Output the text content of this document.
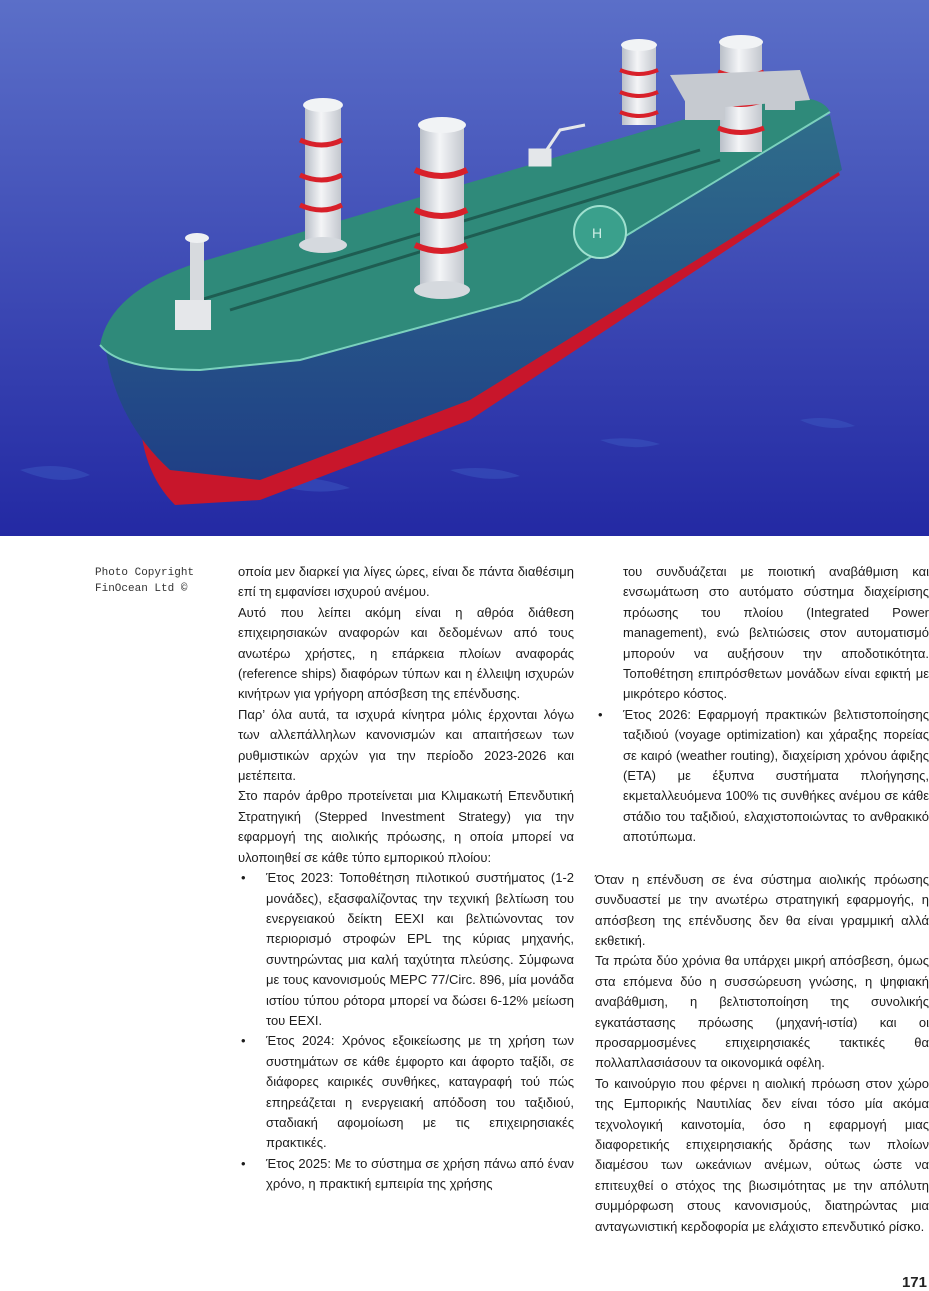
H
Photo Copyright
FinOcean Ltd ©

οποία μεν διαρκεί για λίγες ώρες, είναι δε πάντα διαθέσιμη επί τη εμφανίσει ισχυρού ανέμου.

Αυτό που λείπει ακόμη είναι η αθρόα διάθεση επιχειρησιακών αναφορών και δεδομένων από τους ανωτέρω χρήστες, η επάρκεια πλοίων αναφοράς (reference ships) διαφόρων τύπων και η έλλειψη ισχυρών κινήτρων για γρήγορη απόσβεση της επένδυσης.

Παρ’ όλα αυτά, τα ισχυρά κίνητρα μόλις έρχονται λόγω των αλλεπάλληλων κανονισμών και απαιτήσεων των ρυθμιστικών αρχών για την περίοδο 2023-2026 και μετέπειτα.

Στο παρόν άρθρο προτείνεται μια Κλιμακωτή Επενδυτική Στρατηγική (Stepped Investment Strategy) για την εφαρμογή της αιολικής πρόωσης, η οποία μπορεί να υλοποιηθεί σε κάθε τύπο εμπορικού πλοίου:

• Έτος 2023: Τοποθέτηση πιλοτικού συστήματος (1-2 μονάδες), εξασφαλίζοντας την τεχνική βελτίωση του ενεργειακού δείκτη EEXI και βελτιώνοντας τον περιορισμό στροφών EPL της κύριας μηχανής, συντηρώντας μια καλή ταχύτητα πλεύσης. Σύμφωνα με τους κανονισμούς MEPC 77/Circ. 896, μία μονάδα ιστίου τύπου ρότορα μπορεί να δώσει 6-12% μείωση του EEXI.
• Έτος 2024: Χρόνος εξοικείωσης με τη χρήση των συστημάτων σε κάθε έμφορτο και άφορτο ταξίδι, σε διάφορες καιρικές συνθήκες, καταγραφή τού πώς επηρεάζεται η ενεργειακή απόδοση του ταξιδιού, σταδιακή αφομοίωση με τις επιχειρησιακές πρακτικές.
• Έτος 2025: Με το σύστημα σε χρήση πάνω από έναν χρόνο, η πρακτική εμπειρία της χρήσης
του συνδυάζεται με ποιοτική αναβάθμιση και ενσωμάτωση στο αυτόματο σύστημα διαχείρισης πρόωσης του πλοίου (Integrated Power management), ενώ βελτιώσεις στον αυτοματισμό μπορούν να αυξήσουν την αποδοτικότητα. Τοποθέτηση επιπρόσθετων μονάδων είναι εφικτή με μικρότερο κόστος.
• Έτος 2026: Εφαρμογή πρακτικών βελτιστοποίησης ταξιδιού (voyage optimization) και χάραξης πορείας σε καιρό (weather routing), διαχείριση χρόνου άφιξης (ETA) με έξυπνα συστήματα πλοήγησης, εκμεταλλευόμενα 100% τις συνθήκες ανέμου σε κάθε στάδιο του ταξιδιού, ελαχιστοποιώντας το ανθρακικό αποτύπωμα.

Όταν η επένδυση σε ένα σύστημα αιολικής πρόωσης συνδυαστεί με την ανωτέρω στρατηγική εφαρμογής, η απόσβεση της επένδυσης δεν θα είναι γραμμική αλλά εκθετική.

Τα πρώτα δύο χρόνια θα υπάρχει μικρή απόσβεση, όμως στα επόμενα δύο η συσσώρευση γνώσης, η ψηφιακή αναβάθμιση, η βελτιστοποίηση της συνολικής εγκατάστασης πρόωσης (μηχανή-ιστία) και οι προσαρμοσμένες επιχειρησιακές τακτικές θα πολλαπλασιάσουν τα οικονομικά οφέλη.

Το καινούργιο που φέρνει η αιολική πρόωση στον χώρο της Εμπορικής Ναυτιλίας δεν είναι τόσο μία ακόμα τεχνολογική καινοτομία, όσο η εφαρμογή μιας διαφορετικής επιχειρησιακής δράσης των πλοίων διαμέσου των ωκεάνιων ανέμων, ούτως ώστε να επιτευχθεί ο στόχος της βιωσιμότητας με την απόλυτη συμμόρφωση στους κανονισμούς, διατηρώντας μια ανταγωνιστική κερδοφορία με ελάχιστο επενδυτικό ρίσκο.

171
